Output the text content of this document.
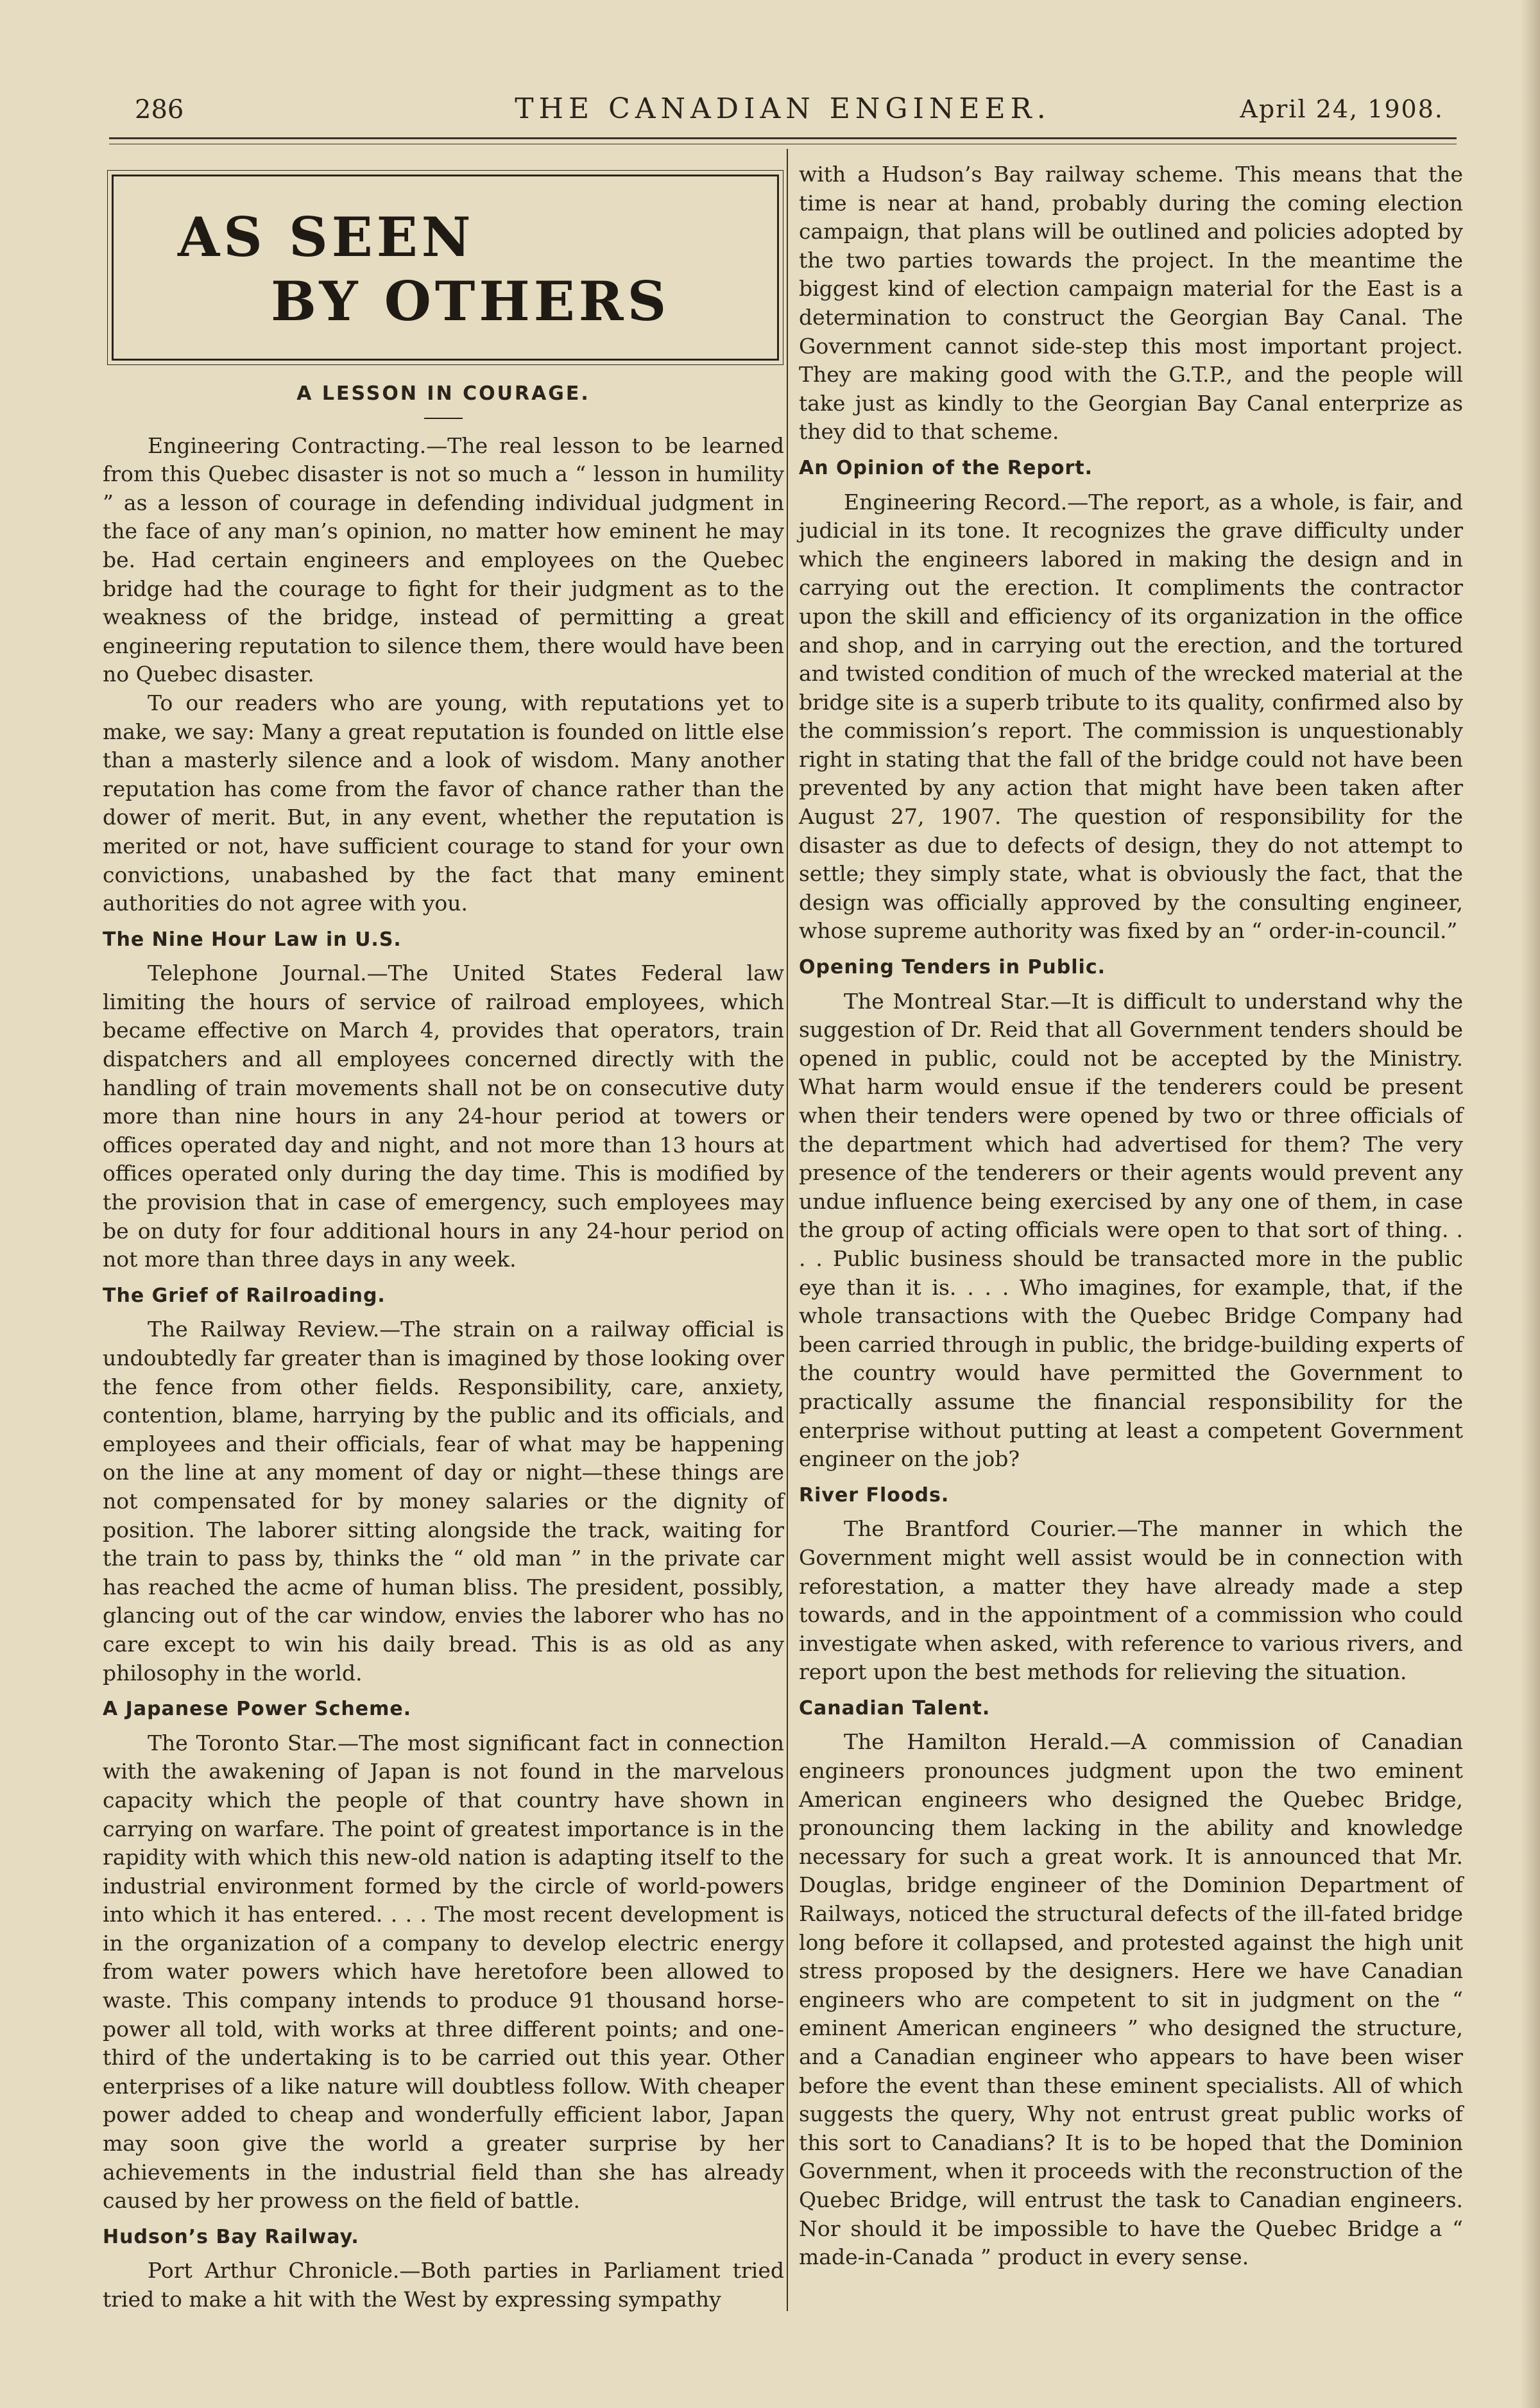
286	THE CANADIAN ENGINEER.	April 24, 1908.
AS SEEN
BY OTHERS
A LESSON IN COURAGE.

Engineering Contracting.—The real lesson to be learned from this Quebec disaster is not so much a “ lesson in humility ” as a lesson of courage in defending individual judgment in the face of any man’s opinion, no matter how eminent he may be. Had certain engineers and employees on the Quebec bridge had the courage to fight for their judgment as to the weakness of the bridge, instead of permitting a great engineering reputation to silence them, there would have been no Quebec disaster.

To our readers who are young, with reputations yet to make, we say: Many a great reputation is founded on little else than a masterly silence and a look of wisdom. Many another reputation has come from the favor of chance rather than the dower of merit. But, in any event, whether the reputation is merited or not, have sufficient courage to stand for your own convictions, unabashed by the fact that many eminent authorities do not agree with you.

The Nine Hour Law in U.S.

Telephone Journal.—The United States Federal law limiting the hours of service of railroad employees, which became effective on March 4, provides that operators, train dispatchers and all employees concerned directly with the handling of train movements shall not be on consecutive duty more than nine hours in any 24-hour period at towers or offices operated day and night, and not more than 13 hours at offices operated only during the day time. This is modified by the provision that in case of emergency, such employees may be on duty for four additional hours in any 24-hour period on not more than three days in any week.

The Grief of Railroading.

The Railway Review.—The strain on a railway official is undoubtedly far greater than is imagined by those looking over the fence from other fields. Responsibility, care, anxiety, contention, blame, harrying by the public and its officials, and employees and their officials, fear of what may be happening on the line at any moment of day or night—these things are not compensated for by money salaries or the dignity of position. The laborer sitting alongside the track, waiting for the train to pass by, thinks the “ old man ” in the private car has reached the acme of human bliss. The president, possibly, glancing out of the car window, envies the laborer who has no care except to win his daily bread. This is as old as any philosophy in the world.

A Japanese Power Scheme.

The Toronto Star.—The most significant fact in connection with the awakening of Japan is not found in the marvelous capacity which the people of that country have shown in carrying on warfare. The point of greatest importance is in the rapidity with which this new-old nation is adapting itself to the industrial environment formed by the circle of world-powers into which it has entered. . . . The most recent development is in the organization of a company to develop electric energy from water powers which have heretofore been allowed to waste. This company intends to produce 91 thousand horse-power all told, with works at three different points; and one-third of the undertaking is to be carried out this year. Other enterprises of a like nature will doubtless follow. With cheaper power added to cheap and wonderfully efficient labor, Japan may soon give the world a greater surprise by her achievements in the industrial field than she has already caused by her prowess on the field of battle.

Hudson’s Bay Railway.

Port Arthur Chronicle.—Both parties in Parliament tried tried to make a hit with the West by expressing sympathy

with a Hudson’s Bay railway scheme. This means that the time is near at hand, probably during the coming election campaign, that plans will be outlined and policies adopted by the two parties towards the project. In the meantime the biggest kind of election campaign material for the East is a determination to construct the Georgian Bay Canal. The Government cannot side-step this most important project. They are making good with the G.T.P., and the people will take just as kindly to the Georgian Bay Canal enterprize as they did to that scheme.

An Opinion of the Report.

Engineering Record.—The report, as a whole, is fair, and judicial in its tone. It recognizes the grave difficulty under which the engineers labored in making the design and in carrying out the erection. It compliments the contractor upon the skill and efficiency of its organization in the office and shop, and in carrying out the erection, and the tortured and twisted condition of much of the wrecked material at the bridge site is a superb tribute to its quality, confirmed also by the commission’s report. The commission is unquestionably right in stating that the fall of the bridge could not have been prevented by any action that might have been taken after August 27, 1907. The question of responsibility for the disaster as due to defects of design, they do not attempt to settle; they simply state, what is obviously the fact, that the design was officially approved by the consulting engineer, whose supreme authority was fixed by an “ order-in-council.”

Opening Tenders in Public.

The Montreal Star.—It is difficult to understand why the suggestion of Dr. Reid that all Government tenders should be opened in public, could not be accepted by the Ministry. What harm would ensue if the tenderers could be present when their tenders were opened by two or three officials of the department which had advertised for them? The very presence of the tenderers or their agents would prevent any undue influence being exercised by any one of them, in case the group of acting officials were open to that sort of thing. . . . Public business should be transacted more in the public eye than it is. . . . Who imagines, for example, that, if the whole transactions with the Quebec Bridge Company had been carried through in public, the bridge-building experts of the country would have permitted the Government to practically assume the financial responsibility for the enterprise without putting at least a competent Government engineer on the job?

River Floods.

The Brantford Courier.—The manner in which the Government might well assist would be in connection with reforestation, a matter they have already made a step towards, and in the appointment of a commission who could investigate when asked, with reference to various rivers, and report upon the best methods for relieving the situation.

Canadian Talent.

The Hamilton Herald.—A commission of Canadian engineers pronounces judgment upon the two eminent American engineers who designed the Quebec Bridge, pronouncing them lacking in the ability and knowledge necessary for such a great work. It is announced that Mr. Douglas, bridge engineer of the Dominion Department of Railways, noticed the structural defects of the ill-fated bridge long before it collapsed, and protested against the high unit stress proposed by the designers. Here we have Canadian engineers who are competent to sit in judgment on the “ eminent American engineers ” who designed the structure, and a Canadian engineer who appears to have been wiser before the event than these eminent specialists. All of which suggests the query, Why not entrust great public works of this sort to Canadians? It is to be hoped that the Dominion Government, when it proceeds with the reconstruction of the Quebec Bridge, will entrust the task to Canadian engineers. Nor should it be impossible to have the Quebec Bridge a “ made-in-Canada ” product in every sense.
